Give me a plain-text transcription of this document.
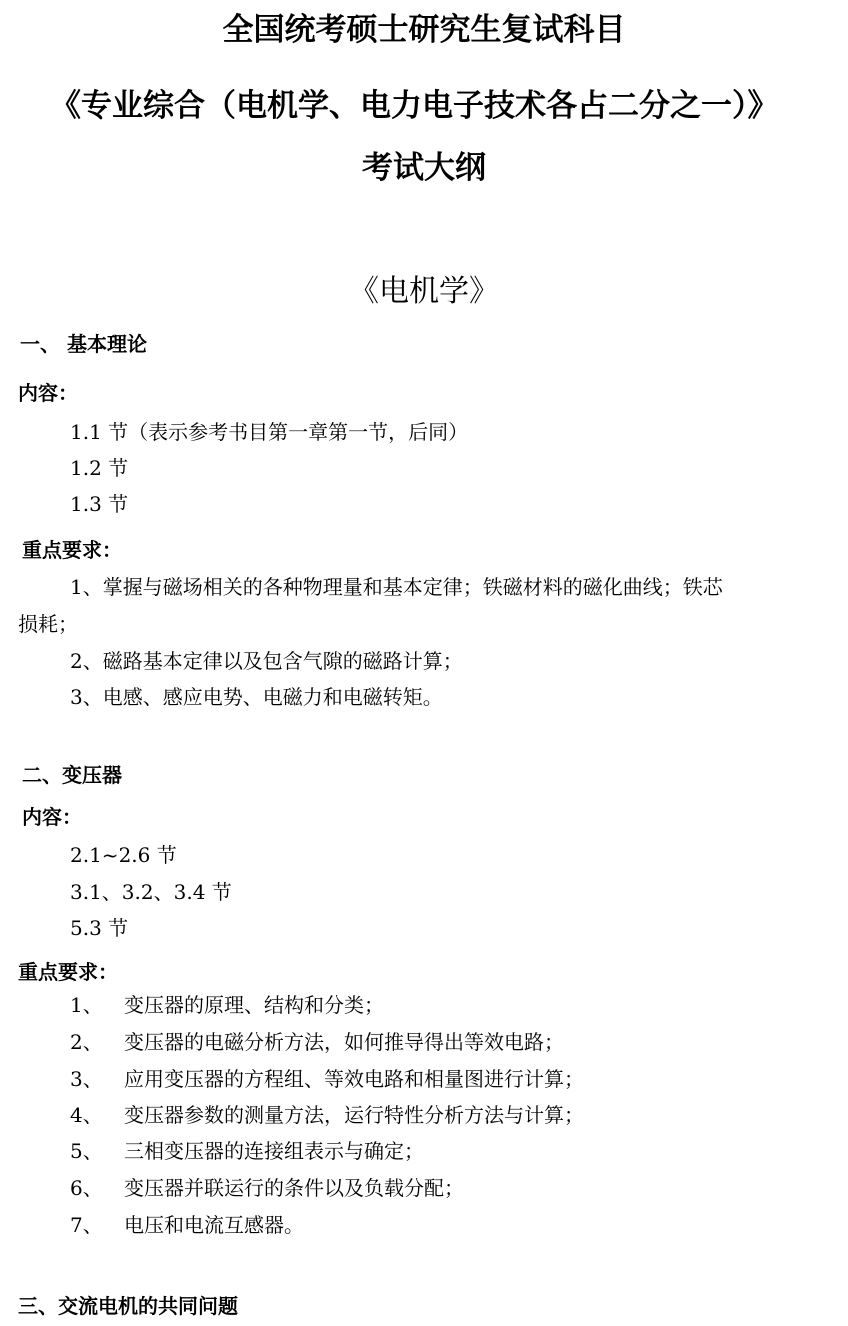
全国统考硕士研究生复试科目
《专业综合（电机学、电力电子技术各占二分之一）》
考试大纲
《电机学》
一、 基本理论
内容：
1.1 节（表示参考书目第一章第一节，后同）
1.2 节
1.3 节
重点要求：
1、掌握与磁场相关的各种物理量和基本定律；铁磁材料的磁化曲线；铁芯
损耗；
2、磁路基本定律以及包含气隙的磁路计算；
3、电感、感应电势、电磁力和电磁转矩。
二、变压器
内容：
2.1~2.6 节
3.1、3.2、3.4 节
5.3 节
重点要求：
1、 变压器的原理、结构和分类；
2、 变压器的电磁分析方法，如何推导得出等效电路；
3、 应用变压器的方程组、等效电路和相量图进行计算；
4、 变压器参数的测量方法，运行特性分析方法与计算；
5、 三相变压器的连接组表示与确定；
6、 变压器并联运行的条件以及负载分配；
7、 电压和电流互感器。
三、交流电机的共同问题
